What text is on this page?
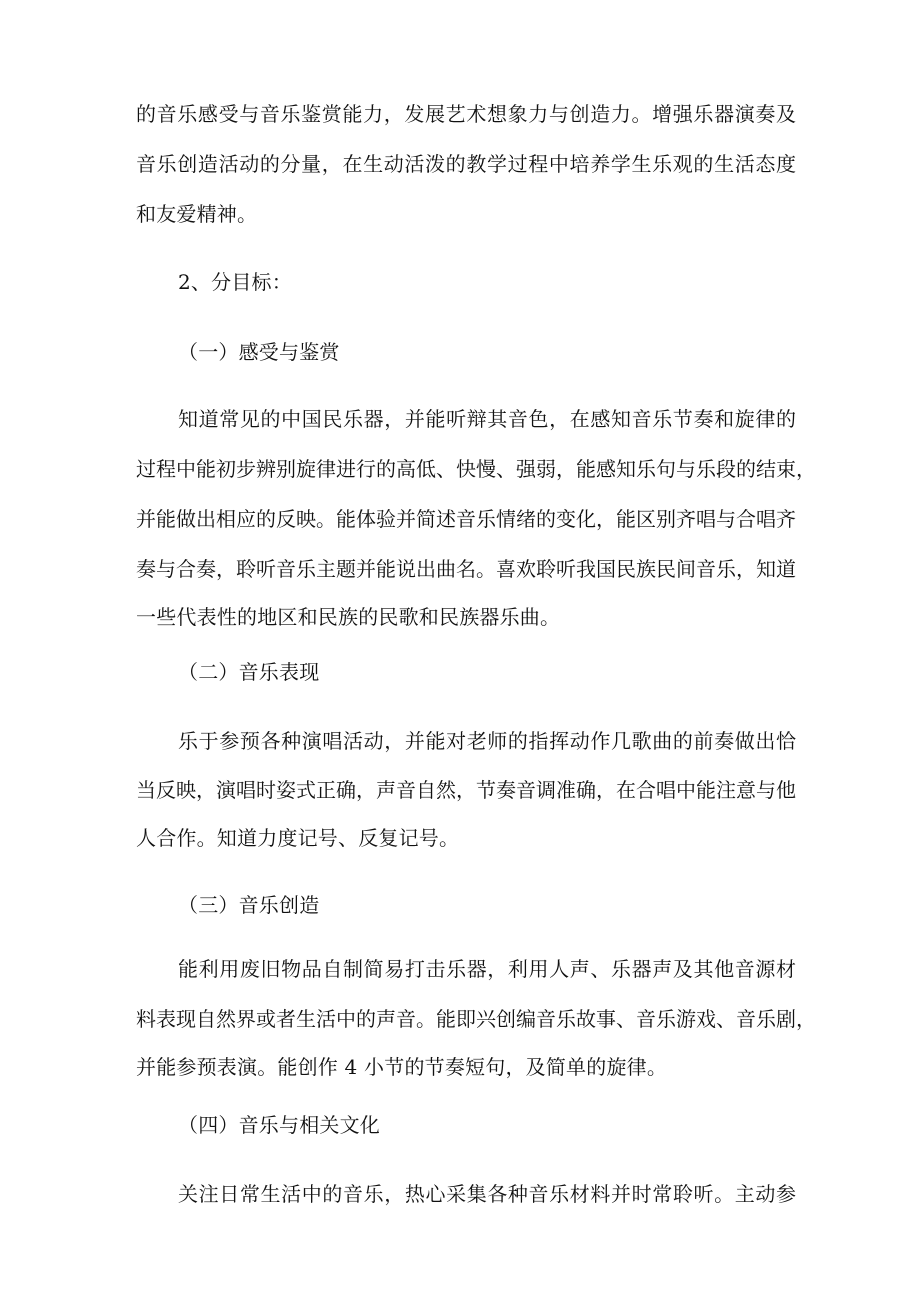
的音乐感受与音乐鉴赏能力，发展艺术想象力与创造力。增强乐器演奏及
音乐创造活动的分量，在生动活泼的教学过程中培养学生乐观的生活态度
和友爱精神。
2、分目标：
（一）感受与鉴赏
知道常见的中国民乐器，并能听辩其音色，在感知音乐节奏和旋律的
过程中能初步辨别旋律进行的高低、快慢、强弱，能感知乐句与乐段的结束，
并能做出相应的反映。能体验并简述音乐情绪的变化，能区别齐唱与合唱齐
奏与合奏，聆听音乐主题并能说出曲名。喜欢聆听我国民族民间音乐，知道
一些代表性的地区和民族的民歌和民族器乐曲。
（二）音乐表现
乐于参预各种演唱活动，并能对老师的指挥动作几歌曲的前奏做出恰
当反映，演唱时姿式正确，声音自然，节奏音调准确，在合唱中能注意与他
人合作。知道力度记号、反复记号。
（三）音乐创造
能利用废旧物品自制简易打击乐器，利用人声、乐器声及其他音源材
料表现自然界或者生活中的声音。能即兴创编音乐故事、音乐游戏、音乐剧，
并能参预表演。能创作 4 小节的节奏短句，及简单的旋律。
（四）音乐与相关文化
关注日常生活中的音乐，热心采集各种音乐材料并时常聆听。主动参
